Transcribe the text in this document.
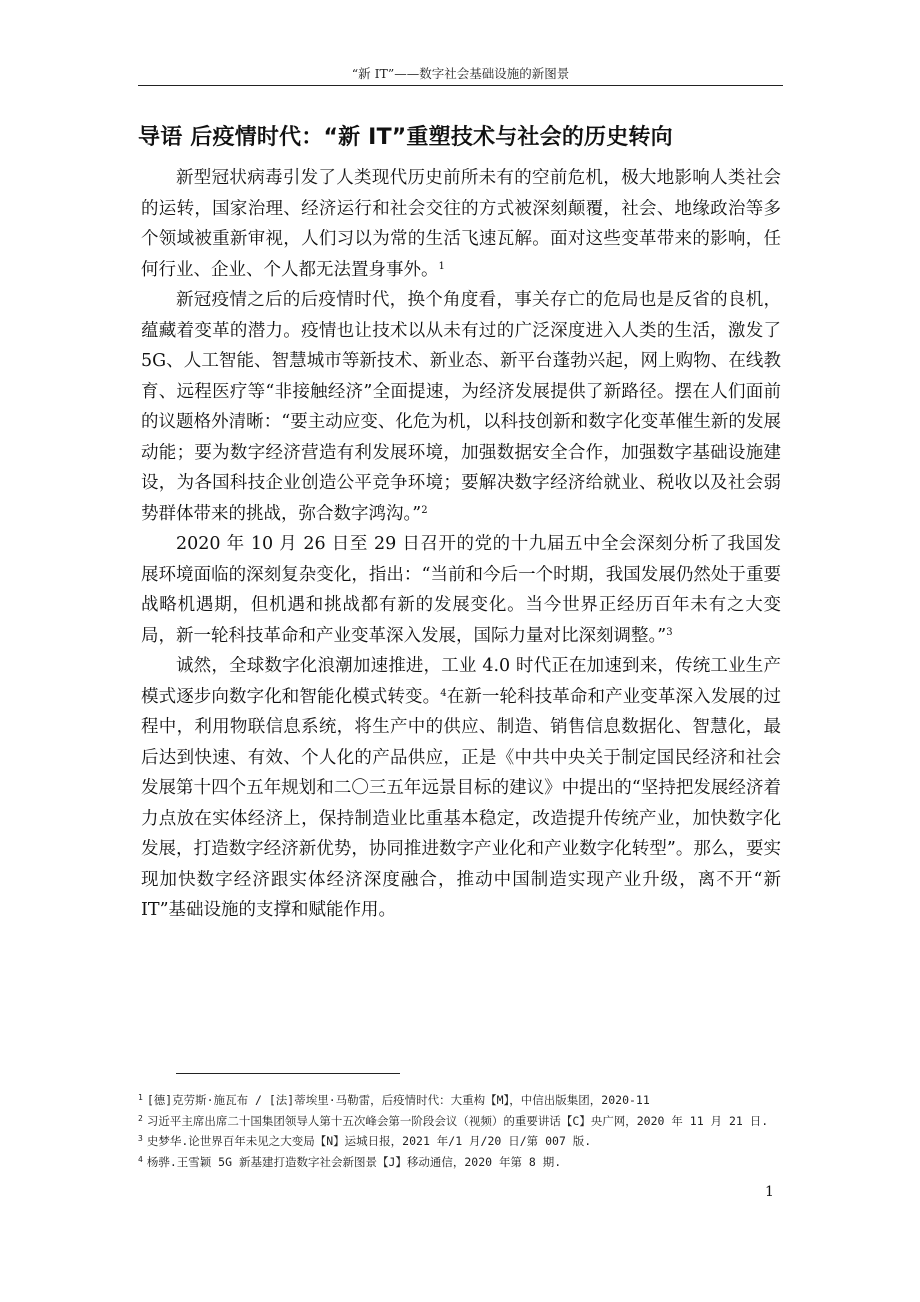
“新 IT”——数字社会基础设施的新图景
导语 后疫情时代：“新 IT”重塑技术与社会的历史转向

新型冠状病毒引发了人类现代历史前所未有的空前危机，极大地影响人类社会的运转，国家治理、经济运行和社会交往的方式被深刻颠覆，社会、地缘政治等多个领域被重新审视，人们习以为常的生活飞速瓦解。面对这些变革带来的影响，任何行业、企业、个人都无法置身事外。$^1$

新冠疫情之后的后疫情时代，换个角度看，事关存亡的危局也是反省的良机，蕴藏着变革的潜力。疫情也让技术以从未有过的广泛深度进入人类的生活，激发了 5G、人工智能、智慧城市等新技术、新业态、新平台蓬勃兴起，网上购物、在线教育、远程医疗等“非接触经济”全面提速，为经济发展提供了新路径。摆在人们面前的议题格外清晰：“要主动应变、化危为机，以科技创新和数字化变革催生新的发展动能；要为数字经济营造有利发展环境，加强数据安全合作，加强数字基础设施建设，为各国科技企业创造公平竞争环境；要解决数字经济给就业、税收以及社会弱势群体带来的挑战，弥合数字鸿沟。”$^2$

2020 年 10 月 26 日至 29 日召开的党的十九届五中全会深刻分析了我国发展环境面临的深刻复杂变化，指出：“当前和今后一个时期，我国发展仍然处于重要战略机遇期，但机遇和挑战都有新的发展变化。当今世界正经历百年未有之大变局，新一轮科技革命和产业变革深入发展，国际力量对比深刻调整。”$^3$

诚然，全球数字化浪潮加速推进，工业 4.0 时代正在加速到来，传统工业生产模式逐步向数字化和智能化模式转变。$^4$在新一轮科技革命和产业变革深入发展的过程中，利用物联信息系统，将生产中的供应、制造、销售信息数据化、智慧化，最后达到快速、有效、个人化的产品供应，正是《中共中央关于制定国民经济和社会发展第十四个五年规划和二〇三五年远景目标的建议》中提出的“坚持把发展经济着力点放在实体经济上，保持制造业比重基本稳定，改造提升传统产业，加快数字化发展，打造数字经济新优势，协同推进数字产业化和产业数字化转型”。那么，要实现加快数字经济跟实体经济深度融合，推动中国制造实现产业升级，离不开“新 IT”基础设施的支撑和赋能作用。

$^1$ [德]克劳斯·施瓦布 / [法]蒂埃里·马勒雷，后疫情时代：大重构【M】，中信出版集团，2020-11

$^2$ 习近平主席出席二十国集团领导人第十五次峰会第一阶段会议（视频）的重要讲话【C】央广网，2020 年 11 月 21 日.

$^3$ 史梦华.论世界百年未见之大变局【N】运城日报，2021 年/1 月/20 日/第 007 版.

$^4$ 杨骅.王雪颖 5G 新基建打造数字社会新图景【J】移动通信，2020 年第 8 期.

1
